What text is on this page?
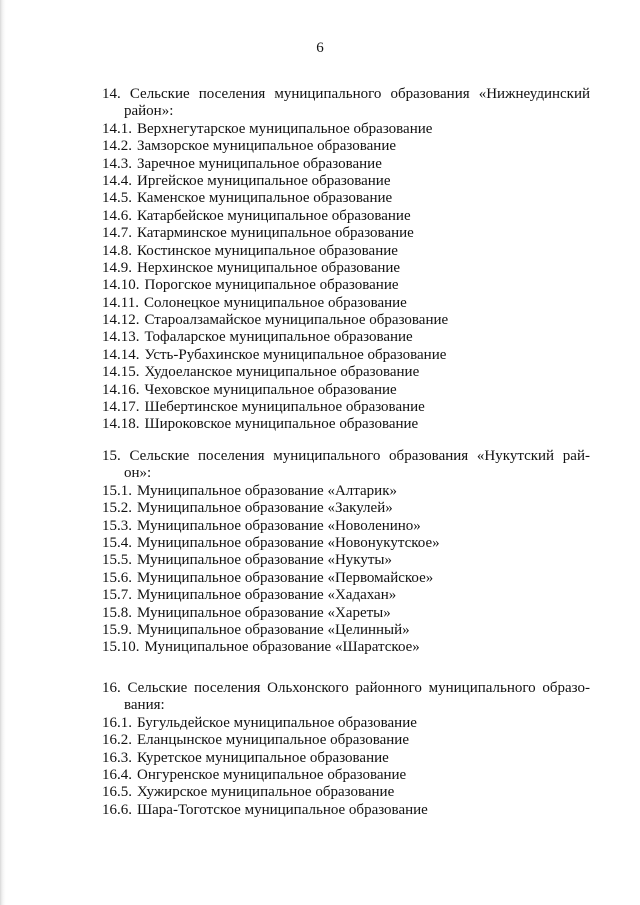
6
14. Сельские поселения муниципального образования «Нижнеудинский
район»:
14.1. Верхнегутарское муниципальное образование
14.2. Замзорское муниципальное образование
14.3. Заречное муниципальное образование
14.4. Иргейское муниципальное образование
14.5. Каменское муниципальное образование
14.6. Катарбейское муниципальное образование
14.7. Катарминское муниципальное образование
14.8. Костинское муниципальное образование
14.9. Нерхинское муниципальное образование
14.10. Порогское муниципальное образование
14.11. Солонецкое муниципальное образование
14.12. Староалзамайское муниципальное образование
14.13. Тофаларское муниципальное образование
14.14. Усть-Рубахинское муниципальное образование
14.15. Худоеланское муниципальное образование
14.16. Чеховское муниципальное образование
14.17. Шебертинское муниципальное образование
14.18. Широковское муниципальное образование
15. Сельские поселения муниципального образования «Нукутский рай-
он»:
15.1. Муниципальное образование «Алтарик»
15.2. Муниципальное образование «Закулей»
15.3. Муниципальное образование «Новоленино»
15.4. Муниципальное образование «Новонукутское»
15.5. Муниципальное образование «Нукуты»
15.6. Муниципальное образование «Первомайское»
15.7. Муниципальное образование «Хадахан»
15.8. Муниципальное образование «Хареты»
15.9. Муниципальное образование «Целинный»
15.10. Муниципальное образование «Шаратское»
16. Сельские поселения Ольхонского районного муниципального образо-
вания:
16.1. Бугульдейское муниципальное образование
16.2. Еланцынское муниципальное образование
16.3. Куретское муниципальное образование
16.4. Онгуренское муниципальное образование
16.5. Хужирское муниципальное образование
16.6. Шара-Тоготское муниципальное образование
